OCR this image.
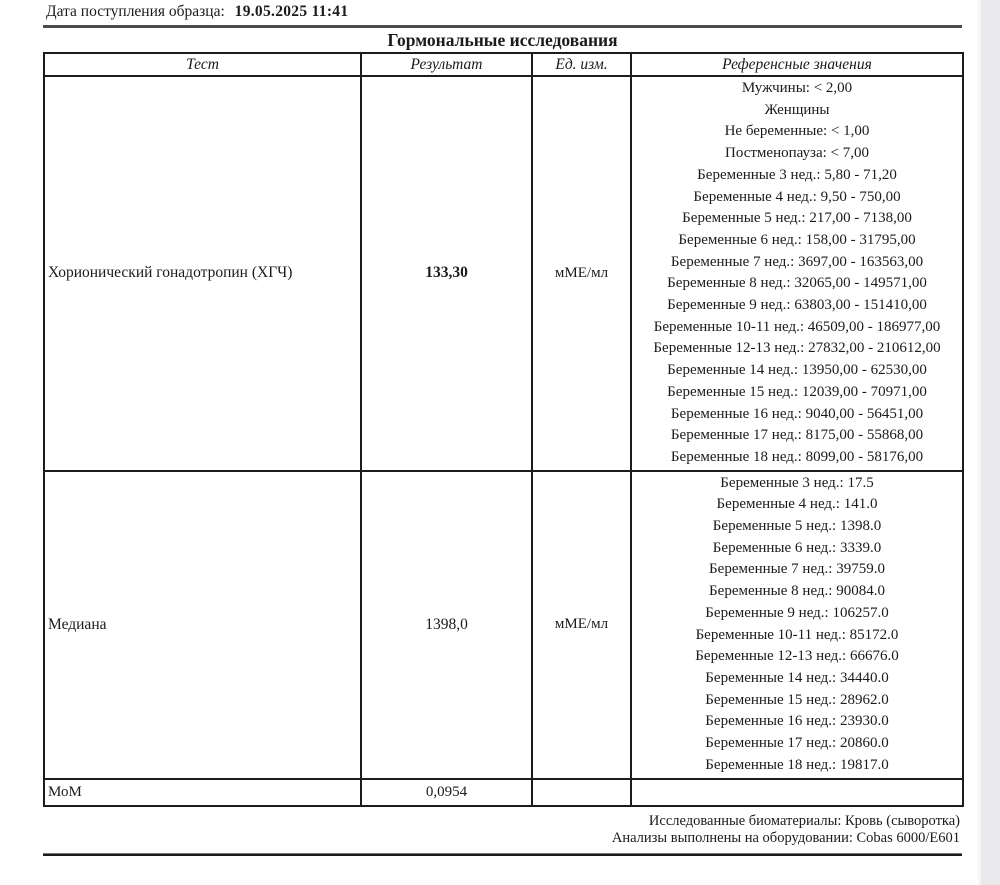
Дата поступления образца: 19.05.2025 11:41
Гормональные исследования
Тест	Результат	Ед. изм.	Референсные значения
Хорионический гонадотропин (ХГЧ)	133,30	мМЕ/мл	
Мужчины: < 2,00
Женщины
Не беременные: < 1,00
Постменопауза: < 7,00
Беременные 3 нед.: 5,80 - 71,20
Беременные 4 нед.: 9,50 - 750,00
Беременные 5 нед.: 217,00 - 7138,00
Беременные 6 нед.: 158,00 - 31795,00
Беременные 7 нед.: 3697,00 - 163563,00
Беременные 8 нед.: 32065,00 - 149571,00
Беременные 9 нед.: 63803,00 - 151410,00
Беременные 10-11 нед.: 46509,00 - 186977,00
Беременные 12-13 нед.: 27832,00 - 210612,00
Беременные 14 нед.: 13950,00 - 62530,00
Беременные 15 нед.: 12039,00 - 70971,00
Беременные 16 нед.: 9040,00 - 56451,00
Беременные 17 нед.: 8175,00 - 55868,00
Беременные 18 нед.: 8099,00 - 58176,00

Медиана	1398,0	мМЕ/мл	
Беременные 3 нед.: 17.5
Беременные 4 нед.: 141.0
Беременные 5 нед.: 1398.0
Беременные 6 нед.: 3339.0
Беременные 7 нед.: 39759.0
Беременные 8 нед.: 90084.0
Беременные 9 нед.: 106257.0
Беременные 10-11 нед.: 85172.0
Беременные 12-13 нед.: 66676.0
Беременные 14 нед.: 34440.0
Беременные 15 нед.: 28962.0
Беременные 16 нед.: 23930.0
Беременные 17 нед.: 20860.0
Беременные 18 нед.: 19817.0

МоМ	0,0954		
Исследованные биоматериалы: Кровь (сыворотка)
Анализы выполнены на оборудовании: Cobas 6000/E601
